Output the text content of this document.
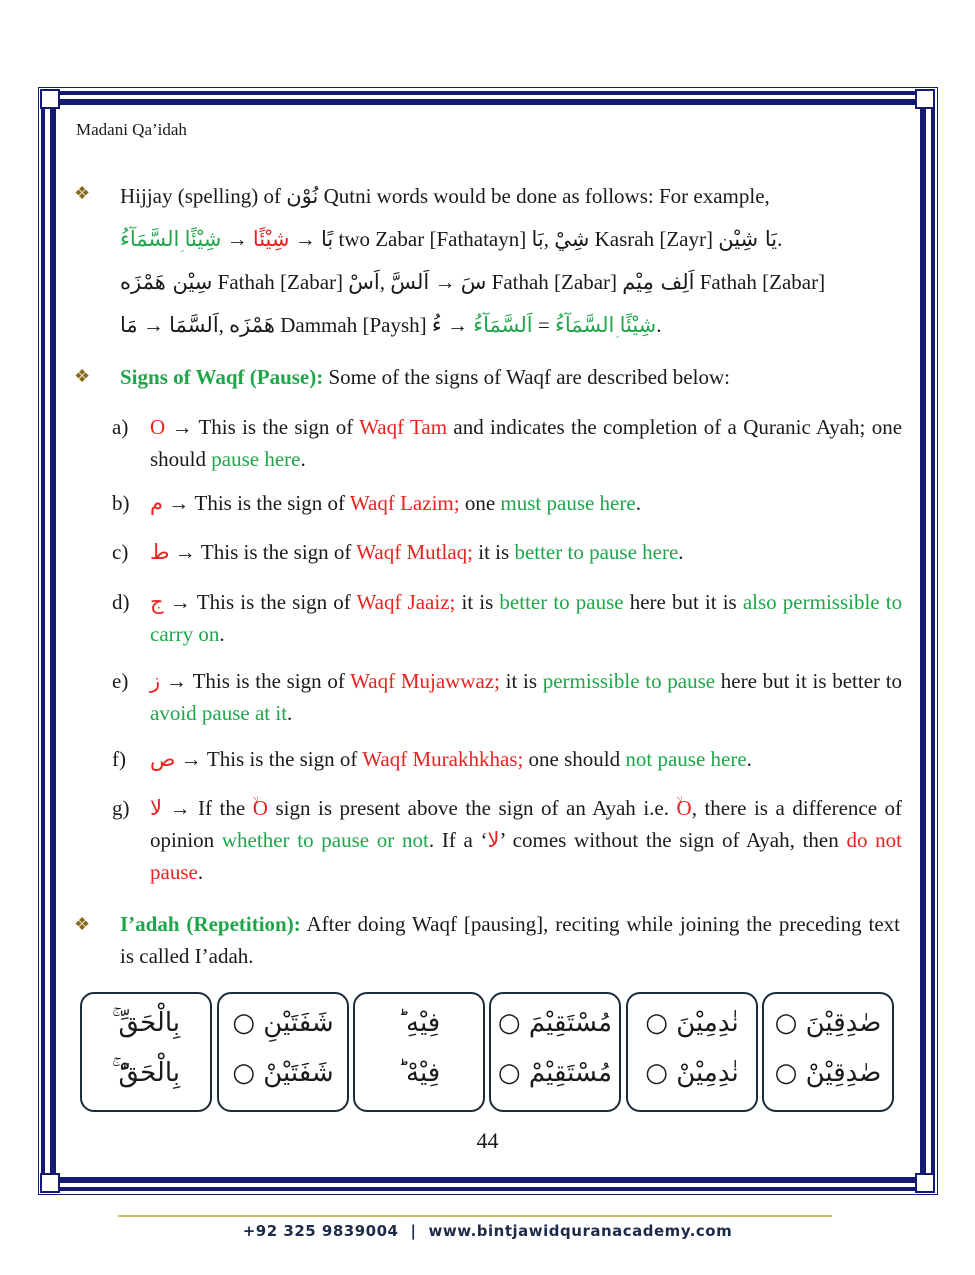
Madani Qa’idah
❖ Hijjay (spelling) of نُوْن Qutni words would be done as follows: For example,
شِيْئًا ؚالسَّمَآءُ → شِيْئًا → بًا two Zabar [Fathatayn] بَا, شِيْ Kasrah [Zayr] يَا شِيْن.
سِيْن هَمْزَه Fathah [Zabar] اَسْ, اَلسَّ → سَ Fathah [Zabar] اَلِف مِيْم Fathah [Zabar]
مَا → اَلسَّمَا, هَمْزَه Dammah [Paysh] ءُ → اَلسَّمَآءُ = شِيْئًا ؚالسَّمَآءُ.
❖ Signs of Waqf (Pause): Some of the signs of Waqf are described below:
a) O → This is the sign of Waqf Tam and indicates the completion of a Quranic Ayah; one should pause here.
b) م → This is the sign of Waqf Lazim; one must pause here.
c) ط → This is the sign of Waqf Mutlaq; it is better to pause here.
d) ج → This is the sign of Waqf Jaaiz; it is better to pause here but it is also permissible to carry on.
e) ز → This is the sign of Waqf Mujawwaz; it is permissible to pause here but it is better to avoid pause at it.
f) ص → This is the sign of Waqf Murakhkhas; one should not pause here.
g) لا → If the ۙO sign is present above the sign of an Ayah i.e. ۙO, there is a difference of opinion whether to pause or not. If a ‘لا’ comes without the sign of Ayah, then do not pause.
❖ I’adah (Repetition): After doing Waqf [pausing], reciting while joining the preceding text is called I’adah.
صٰدِقِيْنَ ○
صٰدِقِيْنْ ○
نٰدِمِيْنَ ○
نٰدِمِيْنْ ○
مُسْتَقِيْمَ ○
مُسْتَقِيْمْ ○
فِيْهِ ؕ
فِيْهْ ؕ
شَفَتَيْنِ ○
شَفَتَيْنْ ○
بِالْحَقِّ ۚ
بِالْحَقّْ ۚ
44
+92 325 9839004 | www.bintjawidquranacademy.com
